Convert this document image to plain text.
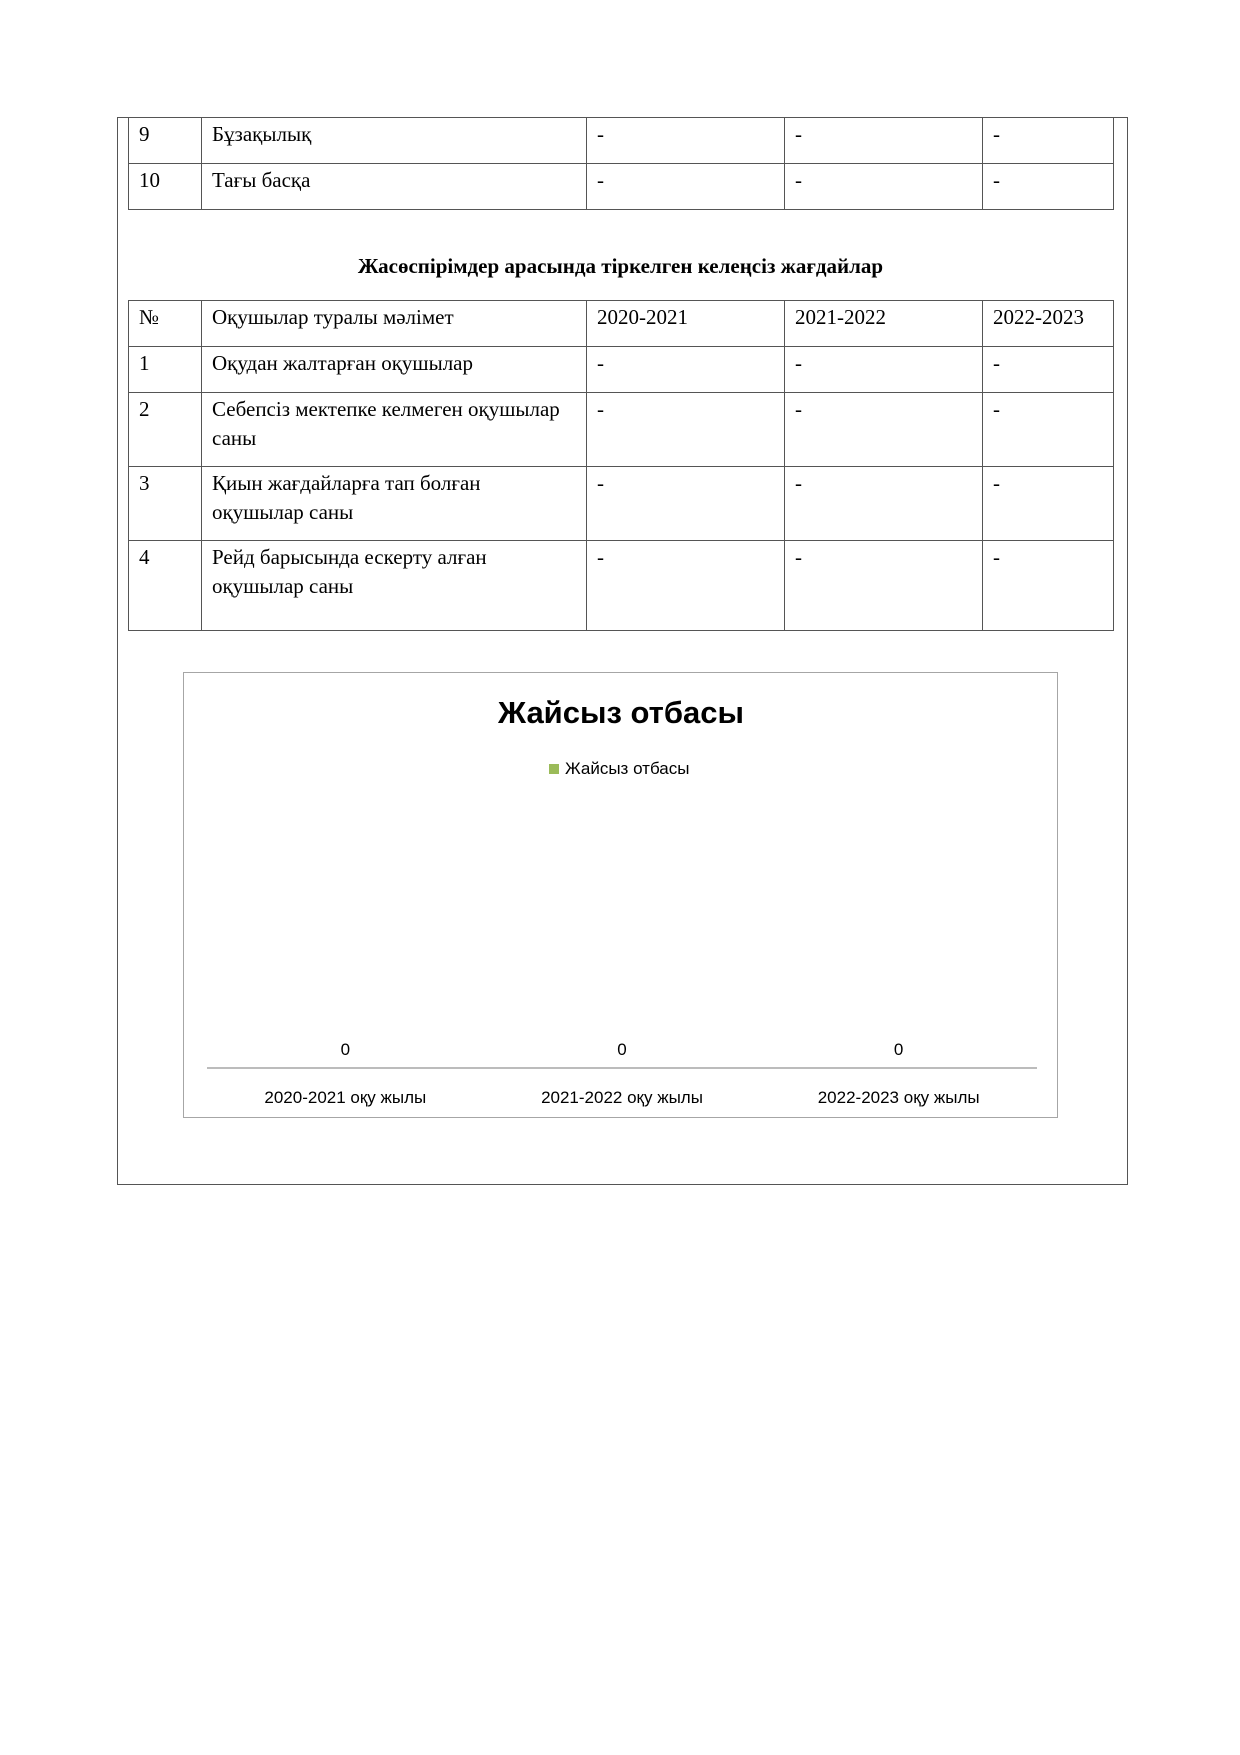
9	Бұзақылық	-	-	-
10	Тағы басқа	-	-	-
Жасөспірімдер арасында тіркелген келеңсіз жағдайлар
№	Оқушылар туралы мәлімет	2020-2021	2021-2022	2022-2023
1	Оқудан жалтарған оқушылар	-	-	-
2	Себепсіз мектепке келмеген оқушылар саны	-	-	-
3	Қиын жағдайларға тап болған оқушылар саны	-	-	-
4	Рейд барысында ескерту алған оқушылар саны	-	-	-
Жайсыз отбасы
Жайсыз отбасы
0
2020-2021 оқу жылы
0
2021-2022 оқу жылы
0
2022-2023 оқу жылы
